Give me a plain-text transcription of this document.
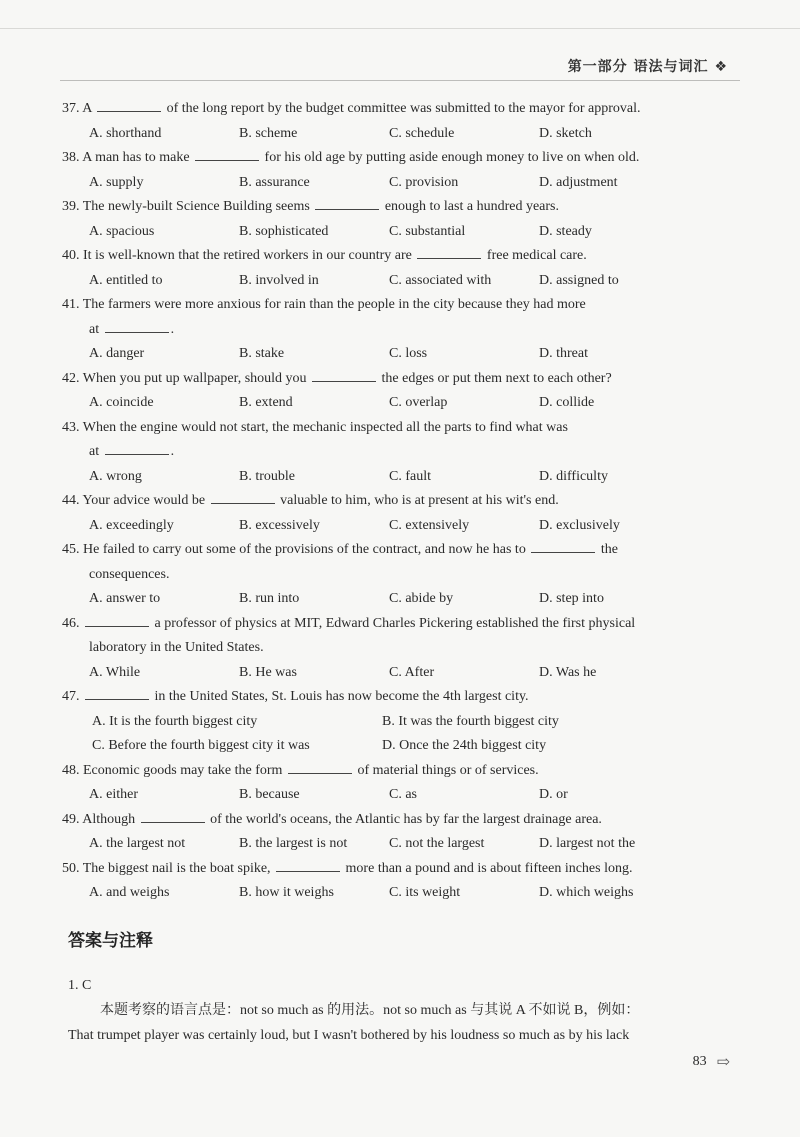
第一部分 语法与词汇 ❖
37. A	of the long report by the budget committee was submitted to the mayor for approval.
A. shorthand	B. scheme	C. schedule	D. sketch
38. A man has to make	for his old age by putting aside enough money to live on when old.
A. supply	B. assurance	C. provision	D. adjustment
39. The newly-built Science Building seems	enough to last a hundred years.
A. spacious	B. sophisticated	C. substantial	D. steady
40. It is well-known that the retired workers in our country are	free medical care.
A. entitled to	B. involved in	C. associated with	D. assigned to
41. The farmers were more anxious for rain than the people in the city because they had more
at	.
A. danger	B. stake	C. loss	D. threat
42. When you put up wallpaper, should you	the edges or put them next to each other?
A. coincide	B. extend	C. overlap	D. collide
43. When the engine would not start, the mechanic inspected all the parts to find what was
at	.
A. wrong	B. trouble	C. fault	D. difficulty
44. Your advice would be	valuable to him, who is at present at his wit's end.
A. exceedingly	B. excessively	C. extensively	D. exclusively
45. He failed to carry out some of the provisions of the contract, and now he has to	the
consequences.
A. answer to	B. run into	C. abide by	D. step into
46.	a professor of physics at MIT, Edward Charles Pickering established the first physical
laboratory in the United States.
A. While	B. He was	C. After	D. Was he
47.	in the United States, St. Louis has now become the 4th largest city.
A. It is the fourth biggest city	B. It was the fourth biggest city
C. Before the fourth biggest city it was	D. Once the 24th biggest city
48. Economic goods may take the form	of material things or of services.
A. either	B. because	C. as	D. or
49. Although	of the world's oceans, the Atlantic has by far the largest drainage area.
A. the largest not	B. the largest is not	C. not the largest	D. largest not the
50. The biggest nail is the boat spike,	more than a pound and is about fifteen inches long.
A. and weighs	B. how it weighs	C. its weight	D. which weighs
答案与注释
1. C
本题考察的语言点是：not so much as 的用法。not so much as 与其说 A 不如说 B，例如：
That trumpet player was certainly loud, but I wasn't bothered by his loudness so much as by his lack
83 ⇨
